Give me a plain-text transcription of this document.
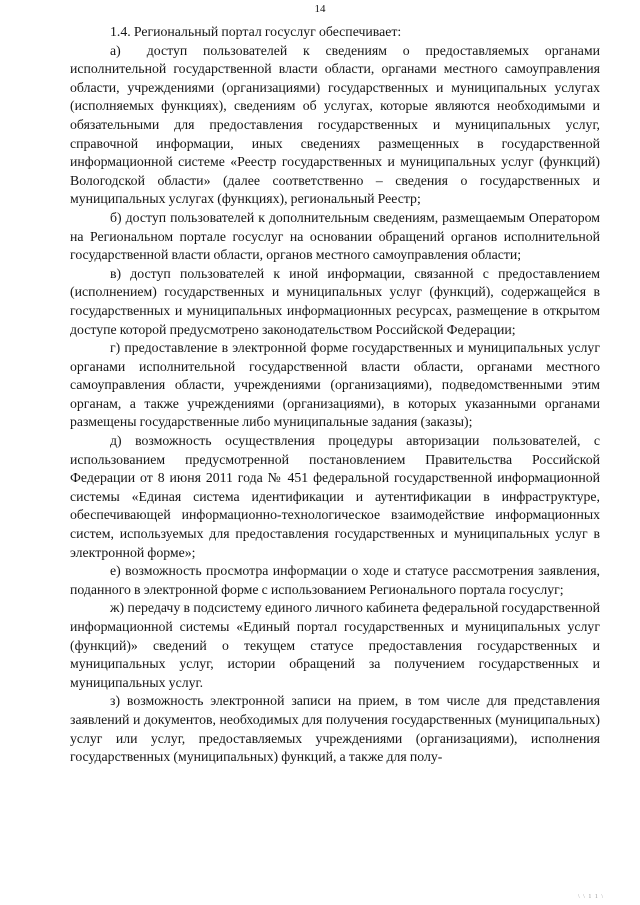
14

1.4. Региональный портал госуслуг обеспечивает:

а) доступ пользователей к сведениям о предоставляемых органами исполнительной государственной власти области, органами местного самоуправления области, учреждениями (организациями) государственных и муниципальных услугах (исполняемых функциях), сведениям об услугах, которые являются необходимыми и обязательными для предоставления государственных и муниципальных услуг, справочной информации, иных сведениях размещенных в государственной информационной системе «Реестр государственных и муниципальных услуг (функций) Вологодской области» (далее соответственно – сведения о государственных и муниципальных услугах (функциях), региональный Реестр;

б) доступ пользователей к дополнительным сведениям, размещаемым Оператором на Региональном портале госуслуг на основании обращений органов исполнительной государственной власти области, органов местного самоуправления области;

в) доступ пользователей к иной информации, связанной с предоставлением (исполнением) государственных и муниципальных услуг (функций), содержащейся в государственных и муниципальных информационных ресурсах, размещение в открытом доступе которой предусмотрено законодательством Российской Федерации;

г) предоставление в электронной форме государственных и муниципальных услуг органами исполнительной государственной власти области, органами местного самоуправления области, учреждениями (организациями), подведомственными этим органам, а также учреждениями (организациями), в которых указанными органами размещены государственные либо муниципальные задания (заказы);

д) возможность осуществления процедуры авторизации пользователей, с использованием предусмотренной постановлением Правительства Российской Федерации от 8 июня 2011 года № 451 федеральной государственной информационной системы «Единая система идентификации и аутентификации в инфраструктуре, обеспечивающей информационно-технологическое взаимодействие информационных систем, используемых для предоставления государственных и муниципальных услуг в электронной форме»;

е) возможность просмотра информации о ходе и статусе рассмотрения заявления, поданного в электронной форме с использованием Регионального портала госуслуг;

ж) передачу в подсистему единого личного кабинета федеральной государственной информационной системы «Единый портал государственных и муниципальных услуг (функций)» сведений о текущем статусе предоставления государственных и муниципальных услуг, истории обращений за получением государственных и муниципальных услуг.

з) возможность электронной записи на прием, в том числе для представления заявлений и документов, необходимых для получения государственных (муниципальных) услуг или услуг, предоставляемых учреждениями (организациями), исполнения государственных (муниципальных) функций, а также для полу-

\ \ 1 1 \
